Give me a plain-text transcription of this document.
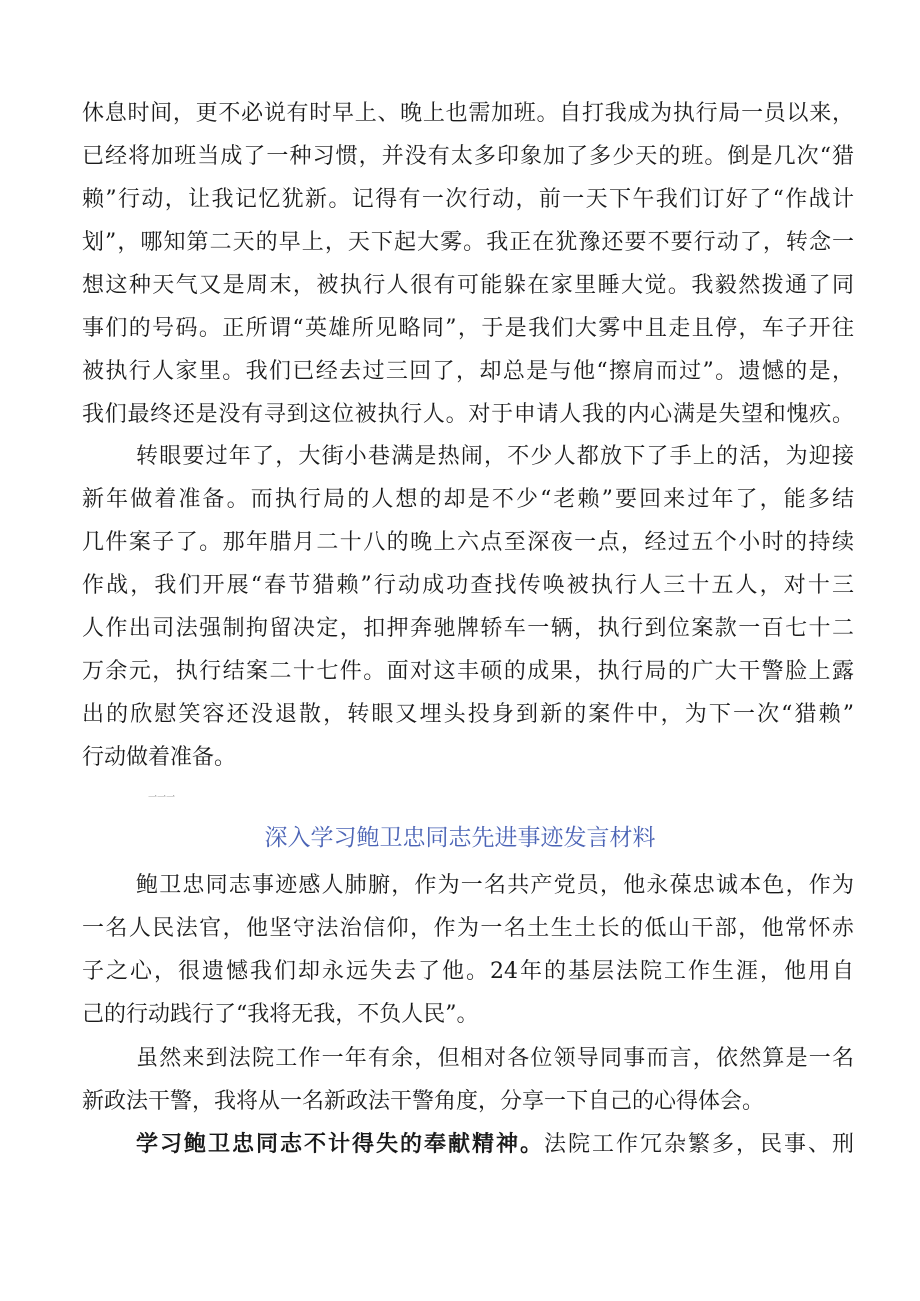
休息时间，更不必说有时早上、晚上也需加班。自打我成为执行局一员以来，
已经将加班当成了一种习惯，并没有太多印象加了多少天的班。倒是几次“猎
赖”行动，让我记忆犹新。记得有一次行动，前一天下午我们订好了“作战计
划”，哪知第二天的早上，天下起大雾。我正在犹豫还要不要行动了，转念一
想这种天气又是周末，被执行人很有可能躲在家里睡大觉。我毅然拨通了同
事们的号码。正所谓“英雄所见略同”，于是我们大雾中且走且停，车子开往
被执行人家里。我们已经去过三回了，却总是与他“擦肩而过”。遗憾的是，
我们最终还是没有寻到这位被执行人。对于申请人我的内心满是失望和愧疚。
转眼要过年了，大街小巷满是热闹，不少人都放下了手上的活，为迎接
新年做着准备。而执行局的人想的却是不少“老赖”要回来过年了，能多结
几件案子了。那年腊月二十八的晚上六点至深夜一点，经过五个小时的持续
作战，我们开展“春节猎赖”行动成功查找传唤被执行人三十五人，对十三
人作出司法强制拘留决定，扣押奔驰牌轿车一辆，执行到位案款一百七十二
万余元，执行结案二十七件。面对这丰硕的成果，执行局的广大干警脸上露
出的欣慰笑容还没退散，转眼又埋头投身到新的案件中，为下一次“猎赖”
行动做着准备。
一一一
深入学习鲍卫忠同志先进事迹发言材料
鲍卫忠同志事迹感人肺腑，作为一名共产党员，他永葆忠诚本色，作为
一名人民法官，他坚守法治信仰，作为一名土生土长的低山干部，他常怀赤
子之心，很遗憾我们却永远失去了他。24年的基层法院工作生涯，他用自
己的行动践行了“我将无我，不负人民”。
虽然来到法院工作一年有余，但相对各位领导同事而言，依然算是一名
新政法干警，我将从一名新政法干警角度，分享一下自己的心得体会。
学习鲍卫忠同志不计得失的奉献精神。法院工作冗杂繁多，民事、刑
